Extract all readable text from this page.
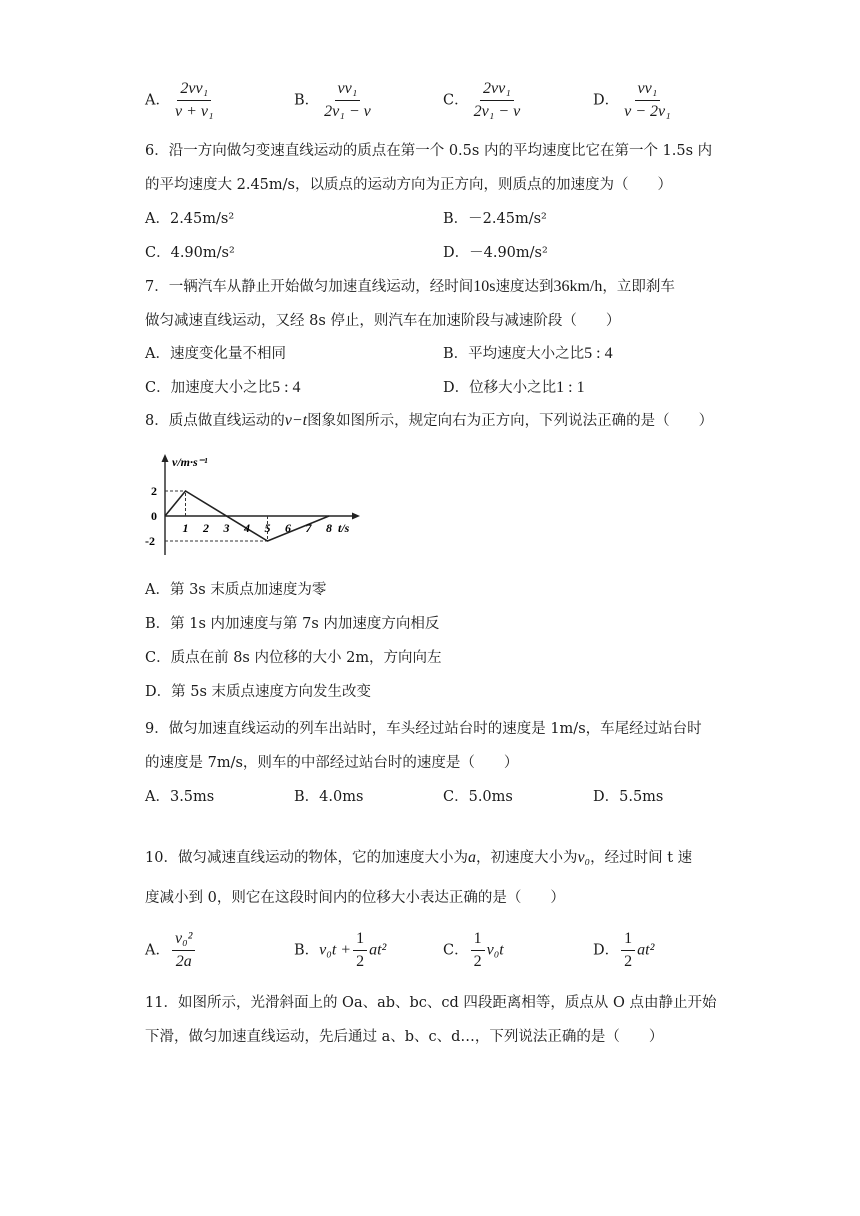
A． $\frac{\text{2vv₁}}{\text{v + v₁}}$	B． $\frac{\text{vv₁}}{\text{2v₁ − v}}$	C． $\frac{\text{2vv₁}}{\text{2v₁ − v}}$	D． $\frac{\text{vv₁}}{\text{v − 2v₁}}$
6．沿一方向做匀变速直线运动的质点在第一个 0.5s 内的平均速度比它在第一个 1.5s 内
的平均速度大 2.45m/s，以质点的运动方向为正方向，则质点的加速度为（　　）
A．2.45m/s²	B．－2.45m/s²
C．4.90m/s²	D．－4.90m/s²
7．一辆汽车从静止开始做匀加速直线运动，经时间10s速度达到36km/h，立即刹车
做匀减速直线运动，又经 8s 停止，则汽车在加速阶段与减速阶段（　　）
A．速度变化量不相同	B．平均速度大小之比5 : 4
C．加速度大小之比5 : 4	D．位移大小之比1 : 1
8．质点做直线运动的v−t图象如图所示，规定向右为正方向，下列说法正确的是（　　）
1 2 3 4 5 6 7 8
2
0
-2
v/m·s⁻¹
t/s
A．第 3s 末质点加速度为零
B．第 1s 内加速度与第 7s 内加速度方向相反
C．质点在前 8s 内位移的大小 2m，方向向左
D．第 5s 末质点速度方向发生改变
9．做匀加速直线运动的列车出站时，车头经过站台时的速度是 1m/s，车尾经过站台时
的速度是 7m/s，则车的中部经过站台时的速度是（　　）
A．3.5ms	B．4.0ms	C．5.0ms	D．5.5ms
10．做匀减速直线运动的物体，它的加速度大小为a，初速度大小为v₀，经过时间 t 速
度减小到 0，则它在这段时间内的位移大小表达正确的是（　　）
A． $\frac{\text{v₀²}}{2a}$	B．$v_0t + \frac{1}{2} at^2$	C． $\frac{1}{2} v_0t$	D． $\frac{1}{2} at^2$
11．如图所示，光滑斜面上的 Oa、ab、bc、cd 四段距离相等，质点从 O 点由静止开始
下滑，做匀加速直线运动，先后通过 a、b、c、d…，下列说法正确的是（　　）
